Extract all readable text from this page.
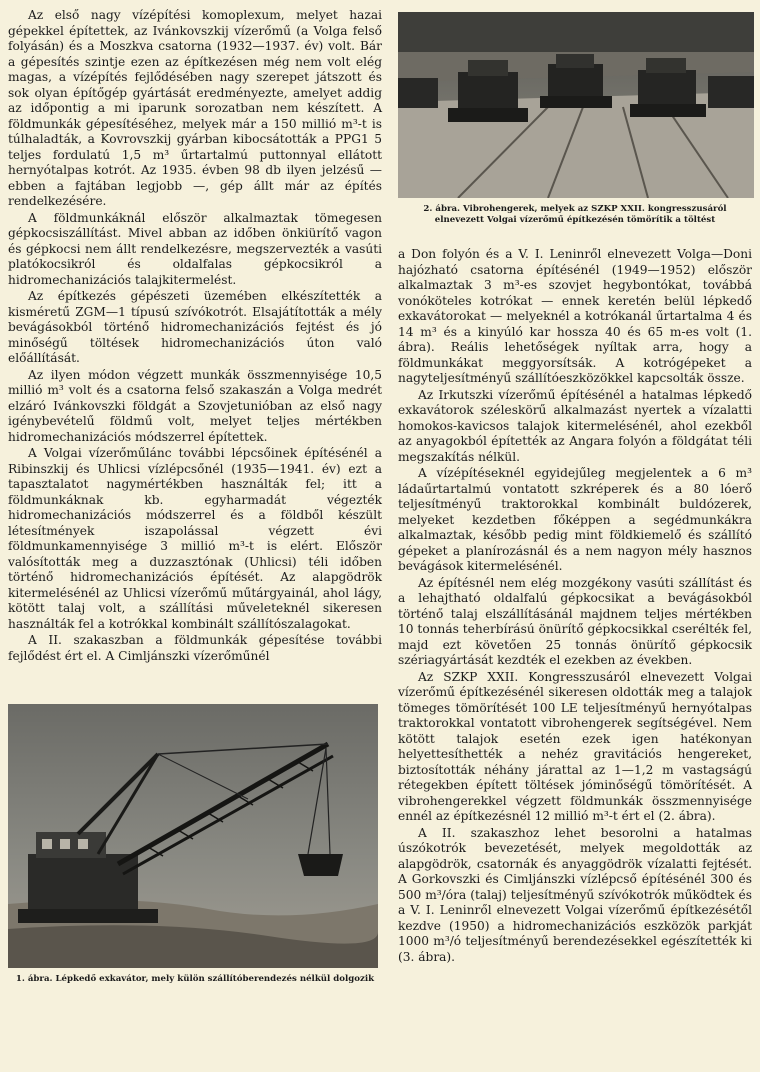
Az első nagy vízépítési komoplexum, melyet hazai gépekkel építettek, az Ivánkovszkij vízerőmű (a Volga felső folyásán) és a Moszkva csatorna (1932—1937. év) volt. Bár a gépesítés szintje ezen az építkezésen még nem volt elég magas, a vízépítés fejlődésében nagy szerepet játszott és sok olyan építőgép gyártását eredményezte, amelyet addig az időpontig a mi iparunk sorozatban nem készített. A földmunkák gépesítéséhez, melyek már a 150 millió m³-t is túlhaladták, a Kovrovszkij gyárban kibocsátották a PPG1 5 teljes fordulatú 1,5 m³ űrtartalmú puttonnyal ellátott hernyótalpas kotrót. Az 1935. évben 98 db ilyen jelzésű — ebben a fajtában legjobb —, gép állt már az építés rendelkezésére.

A földmunkáknál először alkalmaztak tömegesen gépkocsiszállítást. Mivel abban az időben önkiürítő vagon és gépkocsi nem állt rendelkezésre, megszervezték a vasúti platókocsikról és oldalfalas gépkocsikról a hidromechanizációs talajkitermelést.

Az építkezés gépészeti üzemében elkészítették a kisméretű ZGM—1 típusú szívókotrót. Elsajátították a mély bevágásokból történő hidromechanizációs fejtést és jó minőségű töltések hidromechanizációs úton való előállítását.

Az ilyen módon végzett munkák összmennyisége 10,5 millió m³ volt és a csatorna felső szakaszán a Volga medrét elzáró Ivánkovszki földgát a Szovjetunióban az első nagy igénybevételű földmű volt, melyet teljes mértékben hidromechanizációs módszerrel építettek.

A Volgai vízerőműlánc további lépcsőinek építésénél a Ribinszkij és Uhlicsi vízlépcsőnél (1935—1941. év) ezt a tapasztalatot nagymértékben használták fel; itt a földmunkáknak kb. egyharmadát végezték hidromechanizációs módszerrel és a földből készült létesítmények iszapolással végzett évi földmunkamennyisége 3 millió m³-t is elért. Először valósították meg a duzzasztónak (Uhlicsi) téli időben történő hidromechanizációs építését. Az alapgödrök kitermelésénél az Uhlicsi vízerőmű műtárgyainál, ahol lágy, kötött talaj volt, a szállítási műveleteknél sikeresen használták fel a kotrókkal kombinált szállítószalagokat.

A II. szakaszban a földmunkák gépesítése további fejlődést ért el. A Cimljánszki vízerőműnél

1. ábra. Lépkedő exkavátor, mely külön szállítóberendezés nélkül dolgozik

2. ábra. Vibrohengerek, melyek az SZKP XXII. kongresszusáról elnevezett Volgai vízerőmű építkezésén tömörítik a töltést

a Don folyón és a V. I. Leninről elnevezett Volga—Doni hajózható csatorna építésénél (1949—1952) először alkalmaztak 3 m³-es szovjet hegybontókat, továbbá vonóköteles kotrókat — ennek keretén belül lépkedő exkavátorokat — melyeknél a kotrókanál űrtartalma 4 és 14 m³ és a kinyúló kar hossza 40 és 65 m-es volt (1. ábra). Reális lehetőségek nyíltak arra, hogy a földmunkákat meggyorsítsák. A kotrógépeket a nagyteljesítményű szállítóeszközökkel kapcsolták össze.

Az Irkutszki vízerőmű építésénél a hatalmas lépkedő exkavátorok széleskörű alkalmazást nyertek a vízalatti homokos-kavicsos talajok kitermelésénél, ahol ezekből az anyagokból építették az Angara folyón a földgátat téli megszakítás nélkül.

A vízépítéseknél egyidejűleg megjelentek a 6 m³ ládaűrtartalmú vontatott szkréperek és a 80 lóerő teljesítményű traktorokkal kombinált buldózerek, melyeket kezdetben főképpen a segédmunkákra alkalmaztak, később pedig mint földkiemelő és szállító gépeket a planírozásnál és a nem nagyon mély hasznos bevágások kitermelésénél.

Az építésnél nem elég mozgékony vasúti szállítást és a lehajtható oldalfalú gépkocsikat a bevágásokból történő talaj elszállításánál majdnem teljes mértékben 10 tonnás teherbírású önürítő gépkocsikkal cserélték fel, majd ezt követően 25 tonnás önürítő gépkocsik szériagyártását kezdték el ezekben az években.

Az SZKP XXII. Kongresszusáról elnevezett Volgai vízerőmű építkezésénél sikeresen oldották meg a talajok tömeges tömörítését 100 LE teljesítményű hernyótalpas traktorokkal vontatott vibrohengerek segítségével. Nem kötött talajok esetén ezek igen hatékonyan helyettesíthették a nehéz gravitációs hengereket, biztosították néhány járattal az 1—1,2 m vastagságú rétegekben épített töltések jóminőségű tömörítését. A vibrohengerekkel végzett földmunkák összmennyisége ennél az építkezésnél 12 millió m³-t ért el (2. ábra).

A II. szakaszhoz lehet besorolni a hatalmas úszókotrók bevezetését, melyek megoldották az alapgödrök, csatornák és anyaggödrök vízalatti fejtését. A Gorkovszki és Cimljánszki vízlépcső építésénél 300 és 500 m³/óra (talaj) teljesítményű szívókotrók működtek és a V. I. Leninről elnevezett Volgai vízerőmű építkezésétől kezdve (1950) a hidromechanizációs eszközök parkját 1000 m³/ó teljesítményű berendezésekkel egészítették ki (3. ábra).
